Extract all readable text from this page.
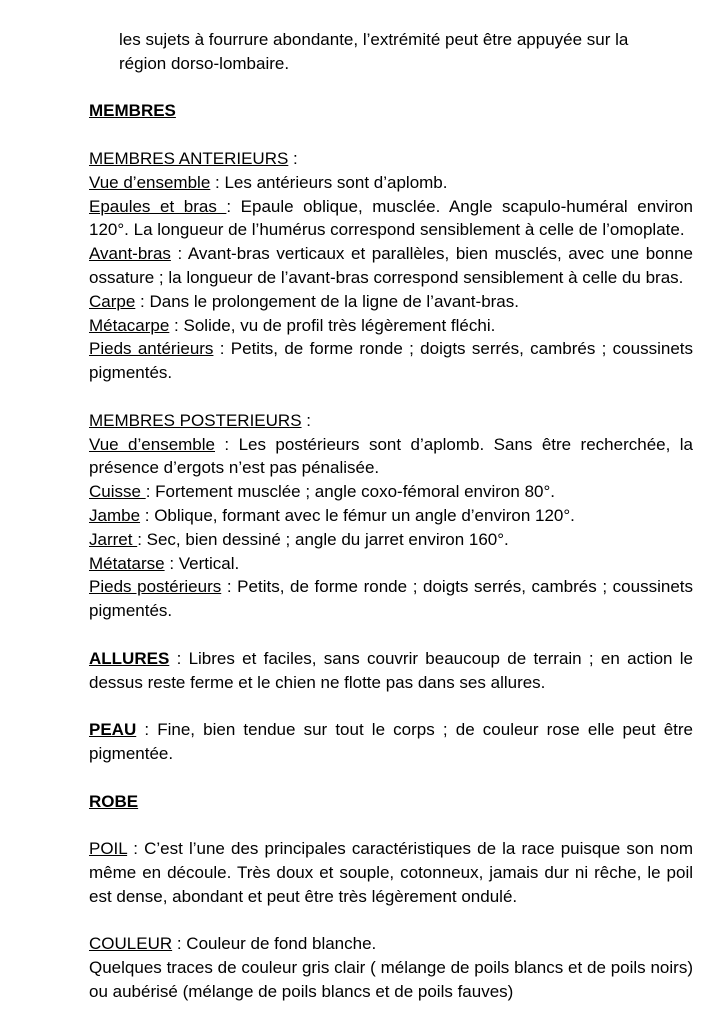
les sujets à fourrure abondante, l’extrémité peut être appuyée sur la
région dorso-lombaire.

MEMBRES

MEMBRES ANTERIEURS :

Vue d’ensemble : Les antérieurs sont d’aplomb.

Epaules et bras : Epaule oblique, musclée. Angle scapulo-huméral environ 120°. La longueur de l’humérus correspond sensiblement à celle de l’omoplate.

Avant-bras : Avant-bras verticaux et parallèles, bien musclés, avec une bonne ossature ; la longueur de l’avant-bras correspond sensiblement à celle du bras.

Carpe : Dans le prolongement de la ligne de l’avant-bras.

Métacarpe : Solide, vu de profil très légèrement fléchi.

Pieds antérieurs : Petits, de forme ronde ; doigts serrés, cambrés ; coussinets pigmentés.

MEMBRES POSTERIEURS :

Vue d’ensemble : Les postérieurs sont d’aplomb. Sans être recherchée, la présence d’ergots n’est pas pénalisée.

Cuisse : Fortement musclée ; angle coxo-fémoral environ 80°.

Jambe : Oblique, formant avec le fémur un angle d’environ 120°.

Jarret : Sec, bien dessiné ; angle du jarret environ 160°.

Métatarse : Vertical.

Pieds postérieurs : Petits, de forme ronde ; doigts serrés, cambrés ; coussinets pigmentés.

ALLURES : Libres et faciles, sans couvrir beaucoup de terrain ; en action le dessus reste ferme et le chien ne flotte pas dans ses allures.

PEAU : Fine, bien tendue sur tout le corps ; de couleur rose elle peut être pigmentée.

ROBE

POIL : C’est l’une des principales caractéristiques de la race puisque son nom même en découle. Très doux et souple, cotonneux, jamais dur ni rêche, le poil est dense, abondant et peut être très légèrement ondulé.

COULEUR : Couleur de fond blanche.

Quelques traces de couleur gris clair ( mélange de poils blancs et de poils noirs) ou aubérisé (mélange de poils blancs et de poils fauves)
